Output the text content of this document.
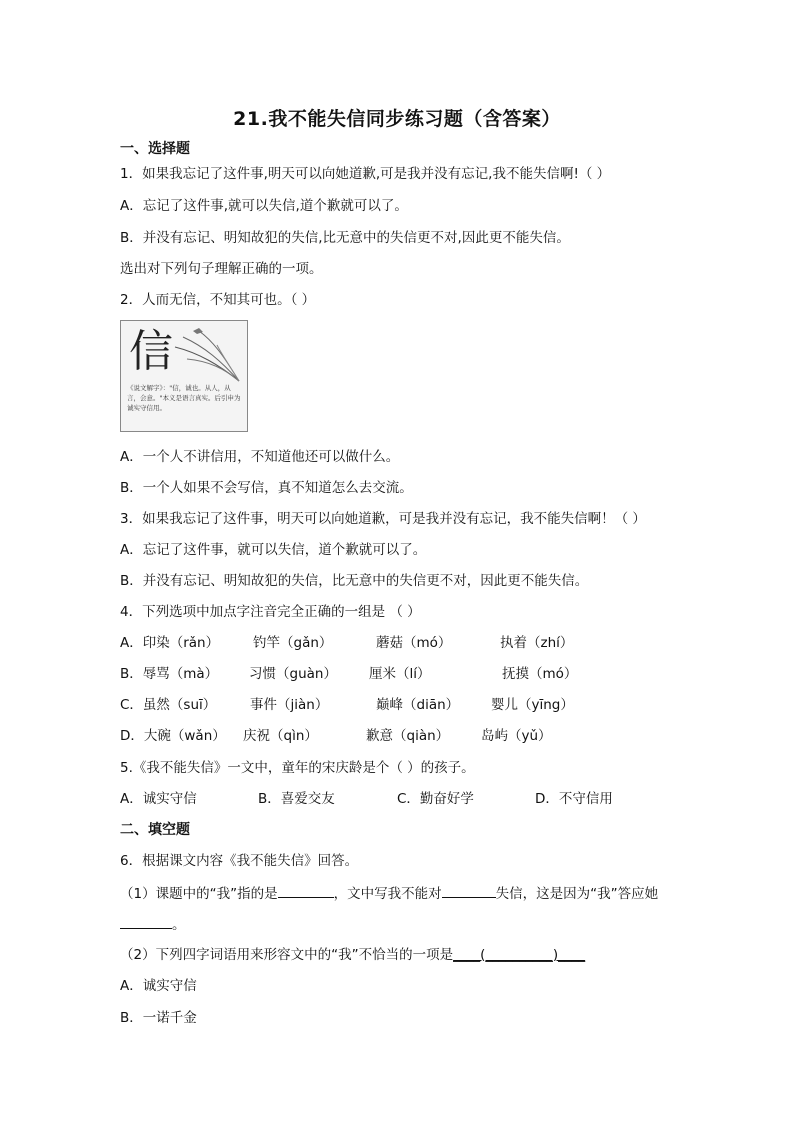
21.我不能失信同步练习题（含答案）
一、选择题
1．如果我忘记了这件事,明天可以向她道歉,可是我并没有忘记,我不能失信啊!（ ）
A．忘记了这件事,就可以失信,道个歉就可以了。
B．并没有忘记、明知故犯的失信,比无意中的失信更不对,因此更不能失信。
选出对下列句子理解正确的一项。
2．人而无信，不知其可也。（ ）
信
《说文解字》："信，诚也。从人，从言，会意。"本义是语言真实。后引申为诚实守信用。
A．一个人不讲信用，不知道他还可以做什么。
B．一个人如果不会写信，真不知道怎么去交流。
3．如果我忘记了这件事，明天可以向她道歉，可是我并没有忘记，我不能失信啊！（ ）
A．忘记了这件事，就可以失信，道个歉就可以了。
B．并没有忘记、明知故犯的失信，比无意中的失信更不对，因此更不能失信。
4．下列选项中加点字注音完全正确的一组是 （ ）
A．印染（rǎn）	钓竿（gǎn）	蘑菇（mó）	执着（zhí）
B．辱骂（mà） 习惯（guàn） 厘米（lí）	抚摸（mó）
C．虽然（suī） 事件（jiàn）	巅峰（diān） 婴儿（yīng）
D．大碗（wǎn） 庆祝（qìn）	歉意（qiàn） 岛屿（yǔ）
5.《我不能失信》一文中，童年的宋庆龄是个（ ）的孩子。
A．诚实守信	B．喜爱交友	C．勤奋好学	D．不守信用
二、填空题
6．根据课文内容《我不能失信》回答。
（1）课题中的“我”指的是	，文中写我不能对	失信，这是因为“我”答应她
。
（2）下列四字词语用来形容文中的“我”不恰当的一项是____(__________)____
A．诚实守信
B．一诺千金
